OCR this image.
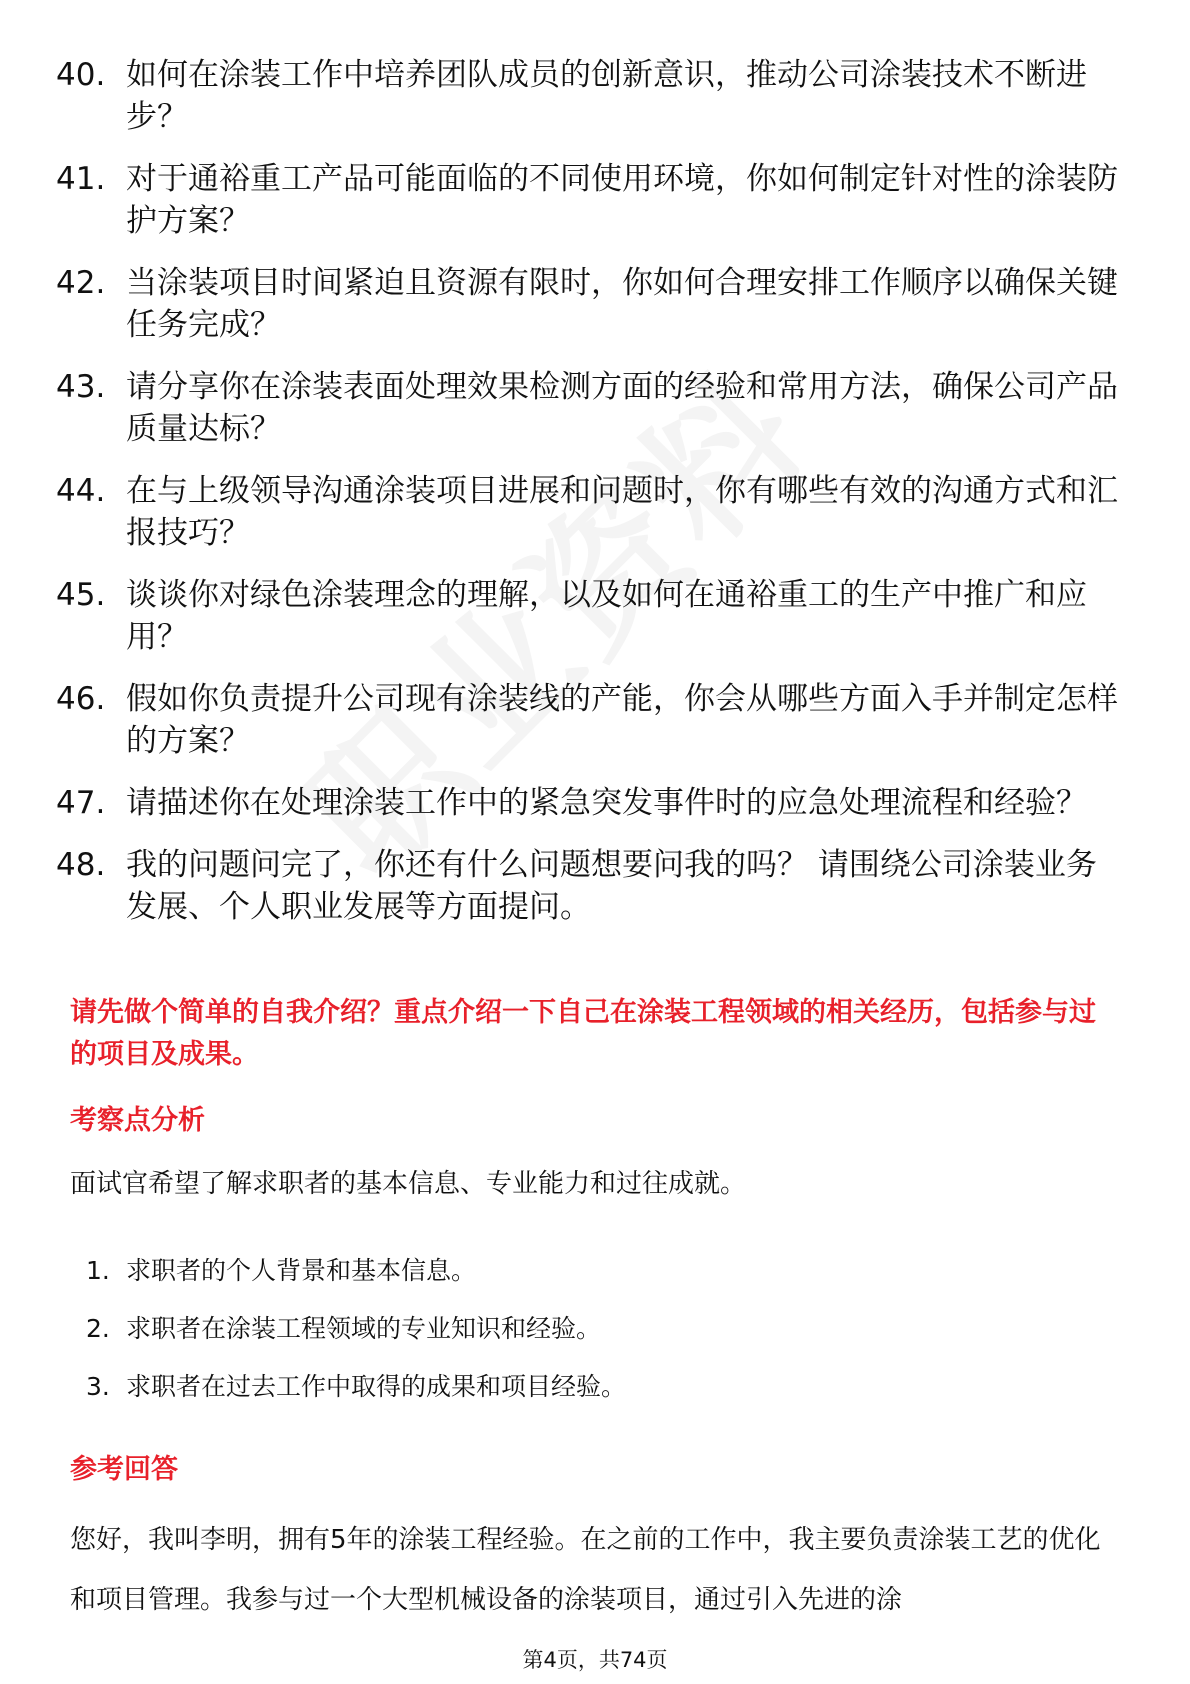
40. 如何在涂装工作中培养团队成员的创新意识，推动公司涂装技术不断进步？
41. 对于通裕重工产品可能面临的不同使用环境，你如何制定针对性的涂装防护方案？
42. 当涂装项目时间紧迫且资源有限时，你如何合理安排工作顺序以确保关键任务完成？
43. 请分享你在涂装表面处理效果检测方面的经验和常用方法，确保公司产品质量达标？
44. 在与上级领导沟通涂装项目进展和问题时，你有哪些有效的沟通方式和汇报技巧？
45. 谈谈你对绿色涂装理念的理解，以及如何在通裕重工的生产中推广和应用？
46. 假如你负责提升公司现有涂装线的产能，你会从哪些方面入手并制定怎样的方案？
47. 请描述你在处理涂装工作中的紧急突发事件时的应急处理流程和经验？
48. 我的问题问完了，你还有什么问题想要问我的吗？ 请围绕公司涂装业务发展、个人职业发展等方面提问。
请先做个简单的自我介绍？重点介绍一下自己在涂装工程领域的相关经历，包括参与过的项目及成果。
考察点分析
面试官希望了解求职者的基本信息、专业能力和过往成就。
1. 求职者的个人背景和基本信息。
2. 求职者在涂装工程领域的专业知识和经验。
3. 求职者在过去工作中取得的成果和项目经验。
参考回答
您好，我叫李明，拥有5年的涂装工程经验。在之前的工作中，我主要负责涂装工艺的优化和项目管理。我参与过一个大型机械设备的涂装项目，通过引入先进的涂
第4页，共74页
